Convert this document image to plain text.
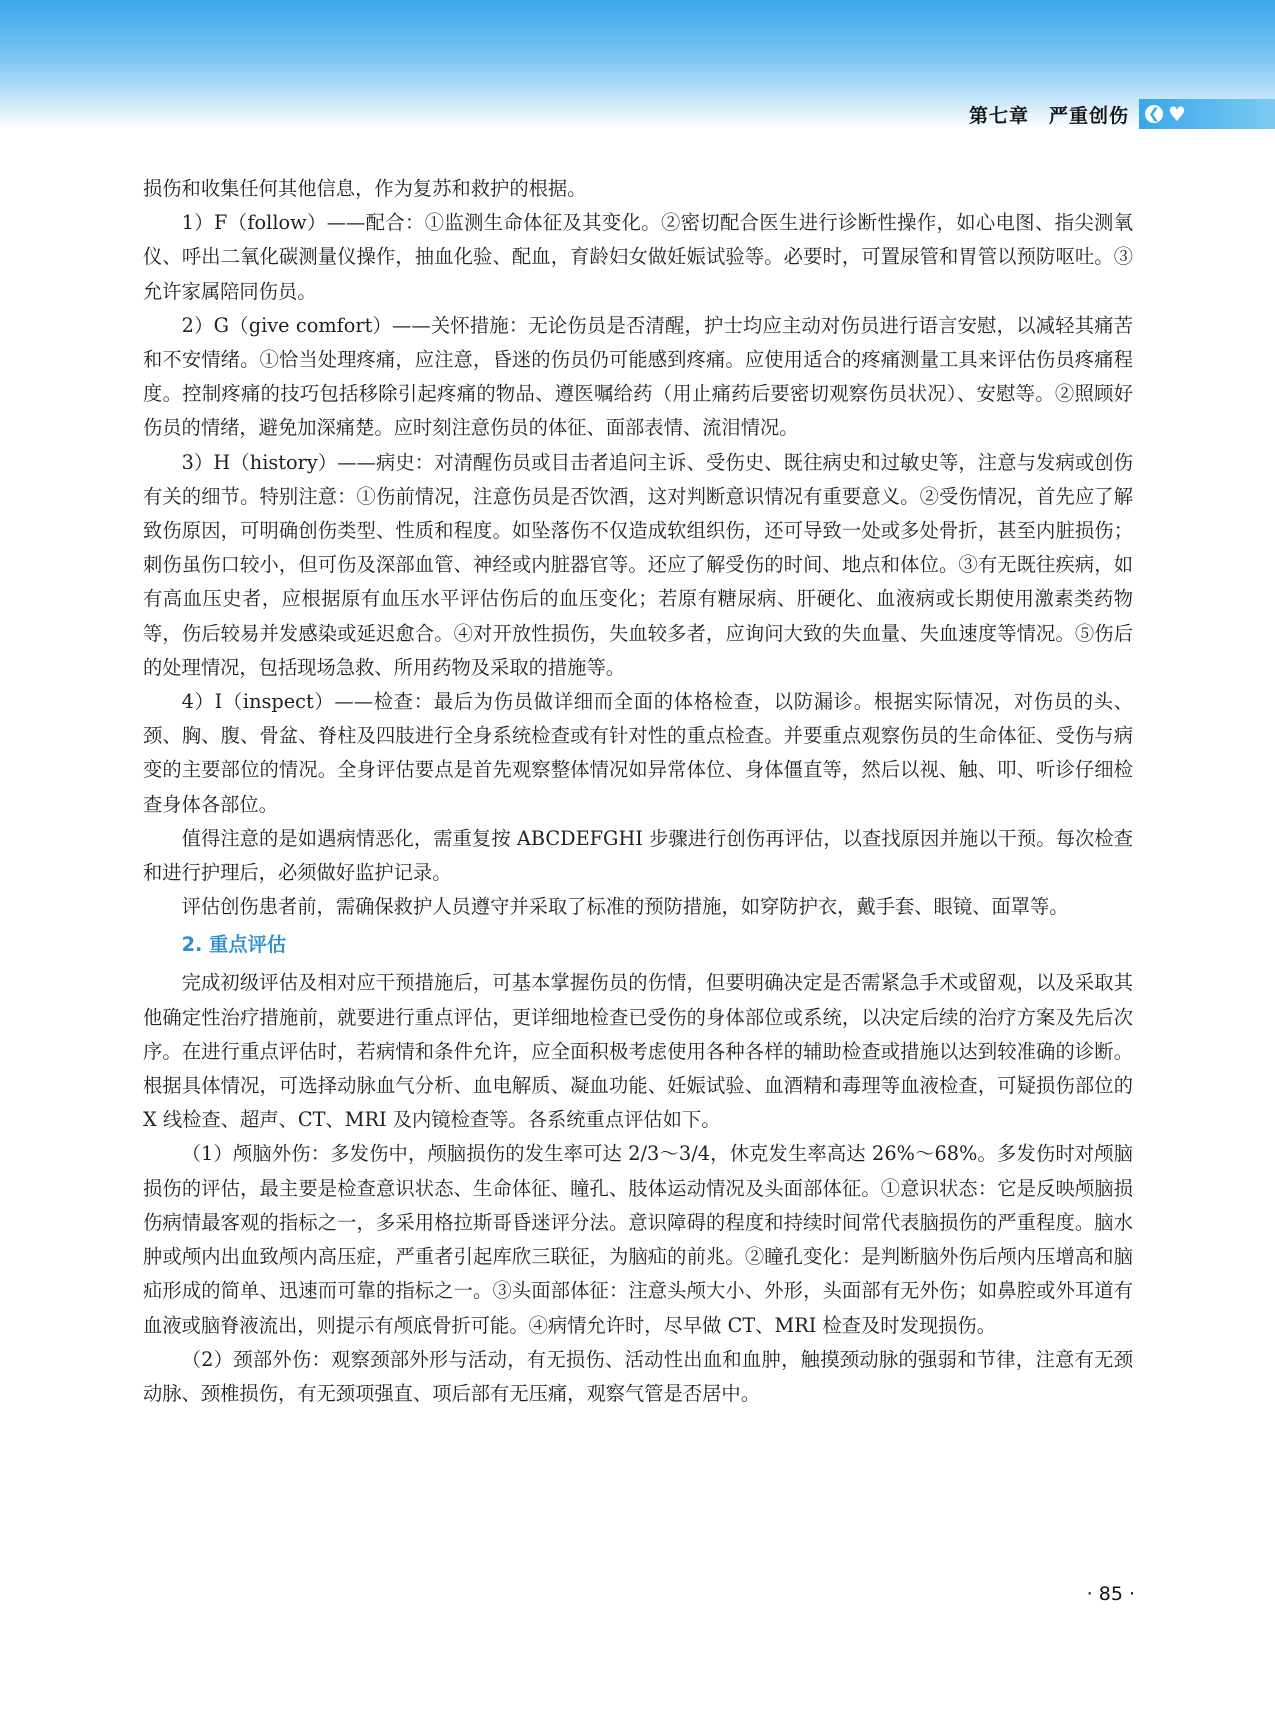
第七章　严重创伤 ❮ ♥

损伤和收集任何其他信息，作为复苏和救护的根据。

1）F（follow）——配合：①监测生命体征及其变化。②密切配合医生进行诊断性操作，如心电图、指尖测氧仪、呼出二氧化碳测量仪操作，抽血化验、配血，育龄妇女做妊娠试验等。必要时，可置尿管和胃管以预防呕吐。③允许家属陪同伤员。

2）G（give comfort）——关怀措施：无论伤员是否清醒，护士均应主动对伤员进行语言安慰，以减轻其痛苦和不安情绪。①恰当处理疼痛，应注意，昏迷的伤员仍可能感到疼痛。应使用适合的疼痛测量工具来评估伤员疼痛程度。控制疼痛的技巧包括移除引起疼痛的物品、遵医嘱给药（用止痛药后要密切观察伤员状况）、安慰等。②照顾好伤员的情绪，避免加深痛楚。应时刻注意伤员的体征、面部表情、流泪情况。

3）H（history）——病史：对清醒伤员或目击者追问主诉、受伤史、既往病史和过敏史等，注意与发病或创伤有关的细节。特别注意：①伤前情况，注意伤员是否饮酒，这对判断意识情况有重要意义。②受伤情况，首先应了解致伤原因，可明确创伤类型、性质和程度。如坠落伤不仅造成软组织伤，还可导致一处或多处骨折，甚至内脏损伤；刺伤虽伤口较小，但可伤及深部血管、神经或内脏器官等。还应了解受伤的时间、地点和体位。③有无既往疾病，如有高血压史者，应根据原有血压水平评估伤后的血压变化；若原有糖尿病、肝硬化、血液病或长期使用激素类药物等，伤后较易并发感染或延迟愈合。④对开放性损伤，失血较多者，应询问大致的失血量、失血速度等情况。⑤伤后的处理情况，包括现场急救、所用药物及采取的措施等。

4）I（inspect）——检查：最后为伤员做详细而全面的体格检查，以防漏诊。根据实际情况，对伤员的头、颈、胸、腹、骨盆、脊柱及四肢进行全身系统检查或有针对性的重点检查。并要重点观察伤员的生命体征、受伤与病变的主要部位的情况。全身评估要点是首先观察整体情况如异常体位、身体僵直等，然后以视、触、叩、听诊仔细检查身体各部位。

值得注意的是如遇病情恶化，需重复按 ABCDEFGHI 步骤进行创伤再评估，以查找原因并施以干预。每次检查和进行护理后，必须做好监护记录。

评估创伤患者前，需确保救护人员遵守并采取了标准的预防措施，如穿防护衣，戴手套、眼镜、面罩等。

2. 重点评估

完成初级评估及相对应干预措施后，可基本掌握伤员的伤情，但要明确决定是否需紧急手术或留观，以及采取其他确定性治疗措施前，就要进行重点评估，更详细地检查已受伤的身体部位或系统，以决定后续的治疗方案及先后次序。在进行重点评估时，若病情和条件允许，应全面积极考虑使用各种各样的辅助检查或措施以达到较准确的诊断。根据具体情况，可选择动脉血气分析、血电解质、凝血功能、妊娠试验、血酒精和毒理等血液检查，可疑损伤部位的 X 线检查、超声、CT、MRI 及内镜检查等。各系统重点评估如下。

（1）颅脑外伤：多发伤中，颅脑损伤的发生率可达 2/3～3/4，休克发生率高达 26%～68%。多发伤时对颅脑损伤的评估，最主要是检查意识状态、生命体征、瞳孔、肢体运动情况及头面部体征。①意识状态：它是反映颅脑损伤病情最客观的指标之一，多采用格拉斯哥昏迷评分法。意识障碍的程度和持续时间常代表脑损伤的严重程度。脑水肿或颅内出血致颅内高压症，严重者引起库欣三联征，为脑疝的前兆。②瞳孔变化：是判断脑外伤后颅内压增高和脑疝形成的简单、迅速而可靠的指标之一。③头面部体征：注意头颅大小、外形，头面部有无外伤；如鼻腔或外耳道有血液或脑脊液流出，则提示有颅底骨折可能。④病情允许时，尽早做 CT、MRI 检查及时发现损伤。

（2）颈部外伤：观察颈部外形与活动，有无损伤、活动性出血和血肿，触摸颈动脉的强弱和节律，注意有无颈动脉、颈椎损伤，有无颈项强直、项后部有无压痛，观察气管是否居中。

· 85 ·
